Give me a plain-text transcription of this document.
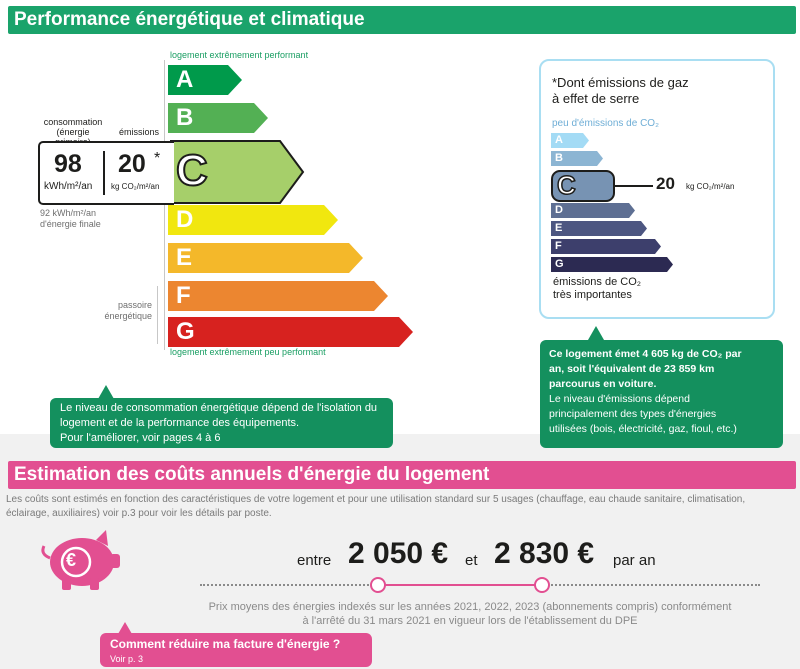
Performance énergétique et climatique
logement extrêmement performant
logement extrêmement peu performant
A
B
C
D
E
F
G
consommation
(énergie	émissions
98
kWh/m²/an
20 *
kg CO₂/m²/an
92 kWh/m²/an
d'énergie finale
passoire
énergétique
Le niveau de consommation énergétique dépend de l'isolation du
logement et de la performance des équipements.
Pour l'améliorer, voir pages 4 à 6
*Dont émissions de gaz
à effet de serre
peu d'émissions de CO₂
A
B
C
D
E
F
G
20 kg CO₂/m²/an
émissions de CO₂
très importantes
Ce logement émet 4 605 kg de CO₂ par
an, soit l'équivalent de 23 859 km
parcourus en voiture.
Le niveau d'émissions dépend
principalement des types d'énergies
utilisées (bois, électricité, gaz, fioul, etc.)
Estimation des coûts annuels d'énergie du logement
Les coûts sont estimés en fonction des caractéristiques de votre logement et pour une utilisation standard sur 5 usages (chauffage, eau chaude sanitaire, climatisation,
éclairage, auxiliaires) voir p.3 pour voir les détails par poste.
€	entre 2 050 € et 2 830 € par an
Prix moyens des énergies indexés sur les années 2021, 2022, 2023 (abonnements compris) conformément
à l'arrêté du 31 mars 2021 en vigueur lors de l'établissement du DPE
Comment réduire ma facture d'énergie ?
Voir p. 3
